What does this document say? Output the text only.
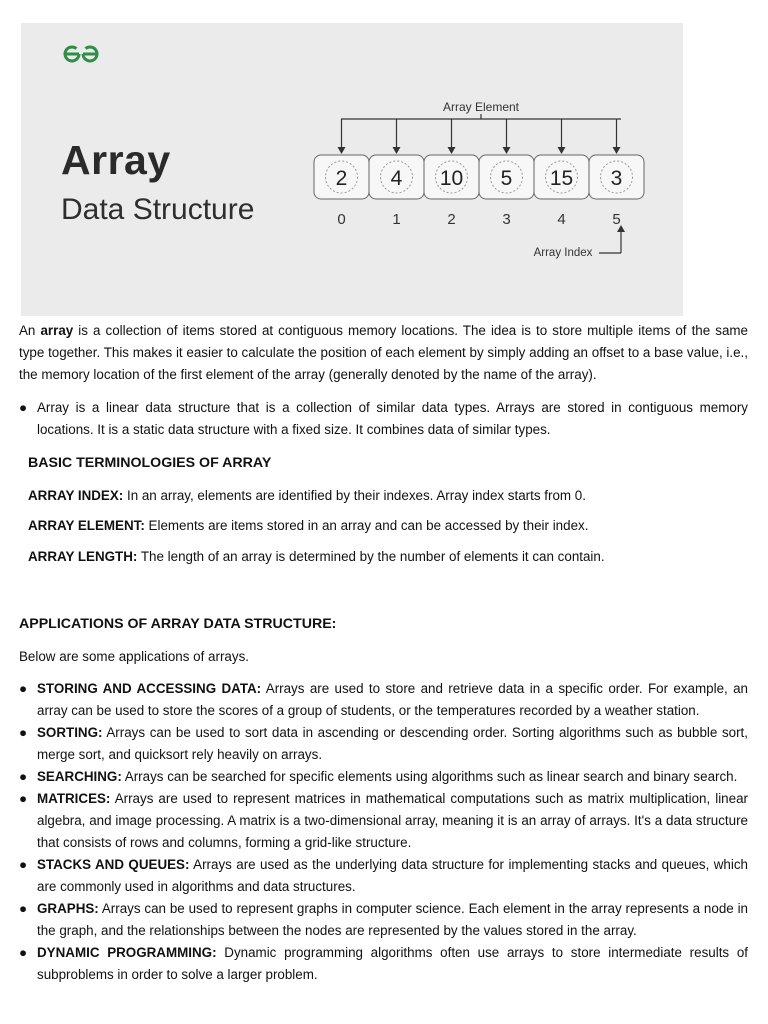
Array
Data Structure
Array Element
2
0
4
1
10
2
5
3
15
4
3
5
Array Index
An array is a collection of items stored at contiguous memory locations. The idea is to store multiple items of the same type together. This makes it easier to calculate the position of each element by simply adding an offset to a base value, i.e., the memory location of the first element of the array (generally denoted by the name of the array).
● Array is a linear data structure that is a collection of similar data types. Arrays are stored in contiguous memory locations. It is a static data structure with a fixed size. It combines data of similar types.
BASIC TERMINOLOGIES OF ARRAY
ARRAY INDEX: In an array, elements are identified by their indexes. Array index starts from 0.
ARRAY ELEMENT: Elements are items stored in an array and can be accessed by their index.
ARRAY LENGTH: The length of an array is determined by the number of elements it can contain.
APPLICATIONS OF ARRAY DATA STRUCTURE:
Below are some applications of arrays.
● STORING AND ACCESSING DATA: Arrays are used to store and retrieve data in a specific order. For example, an array can be used to store the scores of a group of students, or the temperatures recorded by a weather station.
● SORTING: Arrays can be used to sort data in ascending or descending order. Sorting algorithms such as bubble sort, merge sort, and quicksort rely heavily on arrays.
● SEARCHING: Arrays can be searched for specific elements using algorithms such as linear search and binary search.
● MATRICES: Arrays are used to represent matrices in mathematical computations such as matrix multiplication, linear algebra, and image processing. A matrix is a two-dimensional array, meaning it is an array of arrays. It's a data structure that consists of rows and columns, forming a grid-like structure.
● STACKS AND QUEUES: Arrays are used as the underlying data structure for implementing stacks and queues, which are commonly used in algorithms and data structures.
● GRAPHS: Arrays can be used to represent graphs in computer science. Each element in the array represents a node in the graph, and the relationships between the nodes are represented by the values stored in the array.
● DYNAMIC PROGRAMMING: Dynamic programming algorithms often use arrays to store intermediate results of subproblems in order to solve a larger problem.
